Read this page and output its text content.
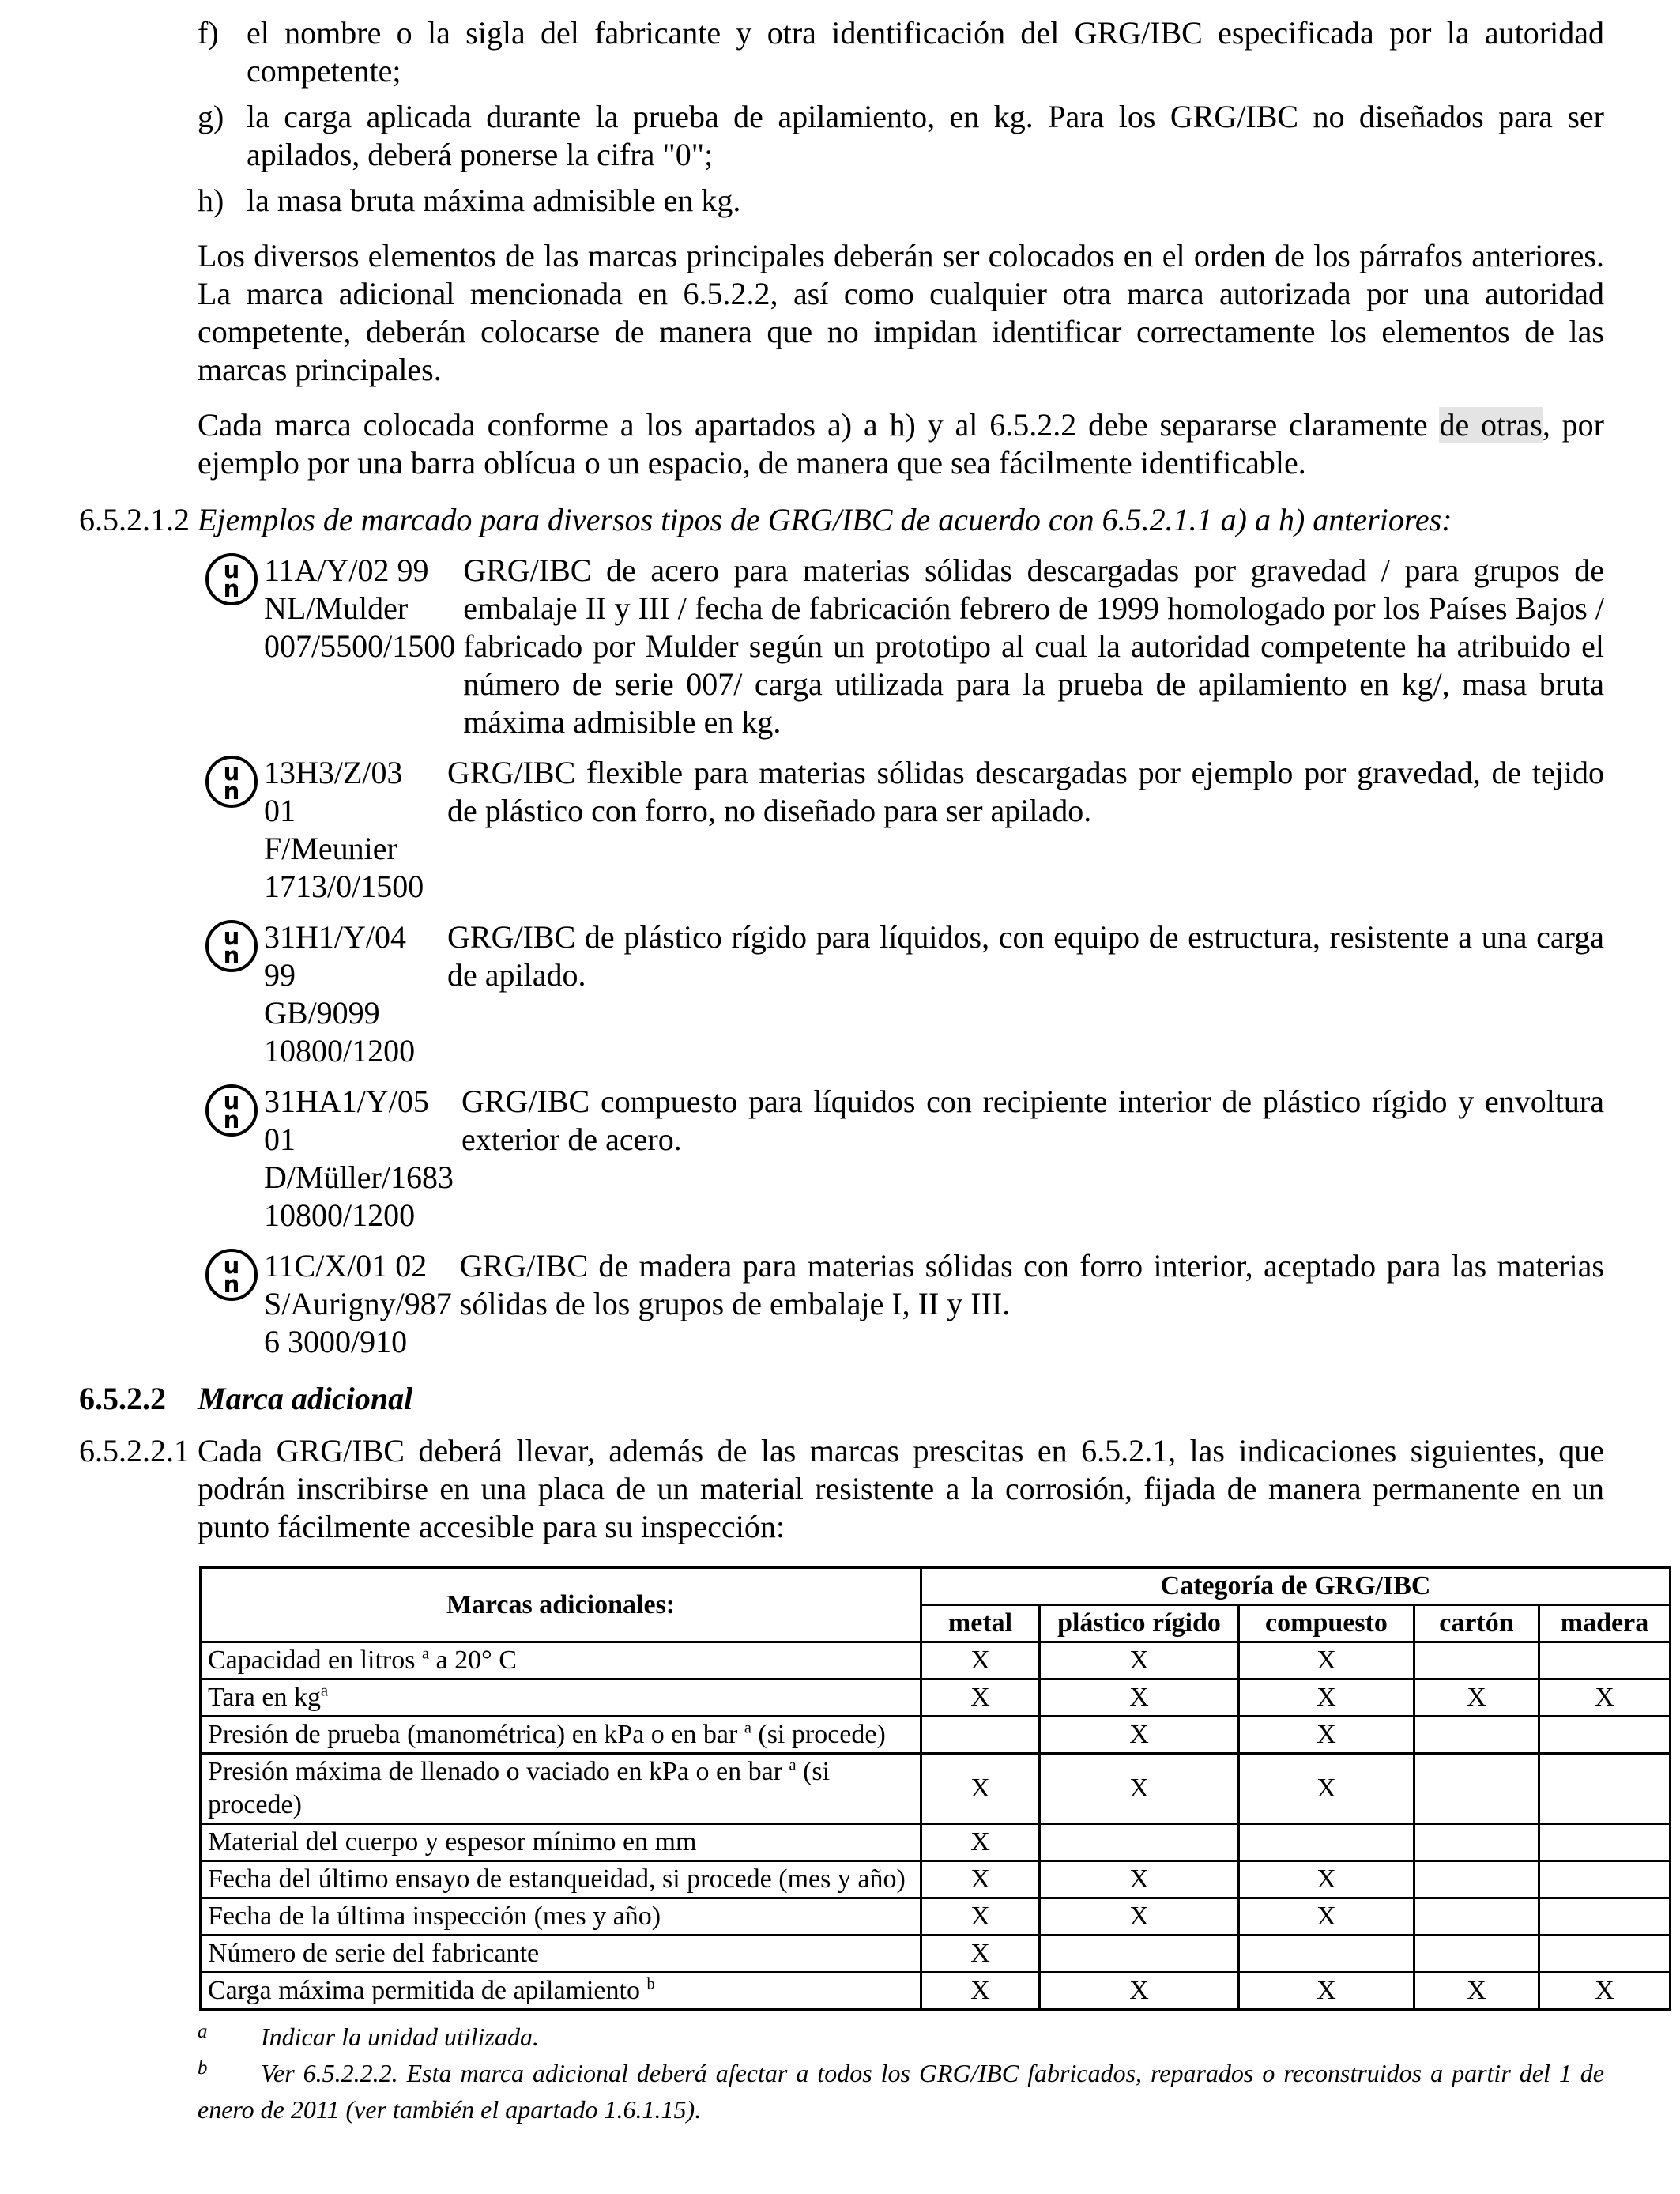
f) el nombre o la sigla del fabricante y otra identificación del GRG/IBC especificada por la autoridad competente;
g) la carga aplicada durante la prueba de apilamiento, en kg. Para los GRG/IBC no diseñados para ser apilados, deberá ponerse la cifra "0";
h) la masa bruta máxima admisible en kg.

Los diversos elementos de las marcas principales deberán ser colocados en el orden de los párrafos anteriores. La marca adicional mencionada en 6.5.2.2, así como cualquier otra marca autorizada por una autoridad competente, deberán colocarse de manera que no impidan identificar correctamente los elementos de las marcas principales.

Cada marca colocada conforme a los apartados a) a h) y al 6.5.2.2 debe separarse claramente de otras, por ejemplo por una barra oblícua o un espacio, de manera que sea fácilmente identificable.

6.5.2.1.2 Ejemplos de marcado para diversos tipos de GRG/IBC de acuerdo con 6.5.2.1.1 a) a h) anteriores:
u
n
11A/Y/02 99
NL/Mulder
007/5500/1500
GRG/IBC de acero para materias sólidas descargadas por gravedad / para grupos de embalaje II y III / fecha de fabricación febrero de 1999 homologado por los Países Bajos / fabricado por Mulder según un prototipo al cual la autoridad competente ha atribuido el número de serie 007/ carga utilizada para la prueba de apilamiento en kg/, masa bruta máxima admisible en kg.
u
n
13H3/Z/03 01
F/Meunier
1713/0/1500
GRG/IBC flexible para materias sólidas descargadas por ejemplo por gravedad, de tejido de plástico con forro, no diseñado para ser apilado.
u
n
31H1/Y/04 99
GB/9099
10800/1200
GRG/IBC de plástico rígido para líquidos, con equipo de estructura, resistente a una carga de apilado.
u
n
31HA1/Y/05 01
D/Müller/1683
10800/1200
GRG/IBC compuesto para líquidos con recipiente interior de plástico rígido y envoltura exterior de acero.
u
n
11C/X/01 02
S/Aurigny/987
6 3000/910
GRG/IBC de madera para materias sólidas con forro interior, aceptado para las materias sólidas de los grupos de embalaje I, II y III.
6.5.2.2	Marca adicional
6.5.2.2.1 Cada GRG/IBC deberá llevar, además de las marcas prescitas en 6.5.2.1, las indicaciones siguientes, que podrán inscribirse en una placa de un material resistente a la corrosión, fijada de manera permanente en un punto fácilmente accesible para su inspección:
Marcas adicionales:	Categoría de GRG/IBC				
	metal	plástico rígido	compuesto	cartón	madera
Capacidad en litros $^a$ a 20° C	X	X	X		
Tara en $kg^a$	X	X	X	X	X
Presión de prueba (manométrica) en kPa o en bar $^a$ (si procede)		X	X		
Presión máxima de llenado o vaciado en kPa o en bar $^a$ (si procede)	X	X	X		
Material del cuerpo y espesor mínimo en mm	X				
Fecha del último ensayo de estanqueidad, si procede (mes y año)	X	X	X		
Fecha de la última inspección (mes y año)	X	X	X		
Número de serie del fabricante	X				
Carga máxima permitida de apilamiento $^b$	X	X	X	X	X
a Indicar la unidad utilizada.
b Ver 6.5.2.2.2. Esta marca adicional deberá afectar a todos los GRG/IBC fabricados, reparados o reconstruidos a partir del 1 de enero de 2011 (ver también el apartado 1.6.1.15).
